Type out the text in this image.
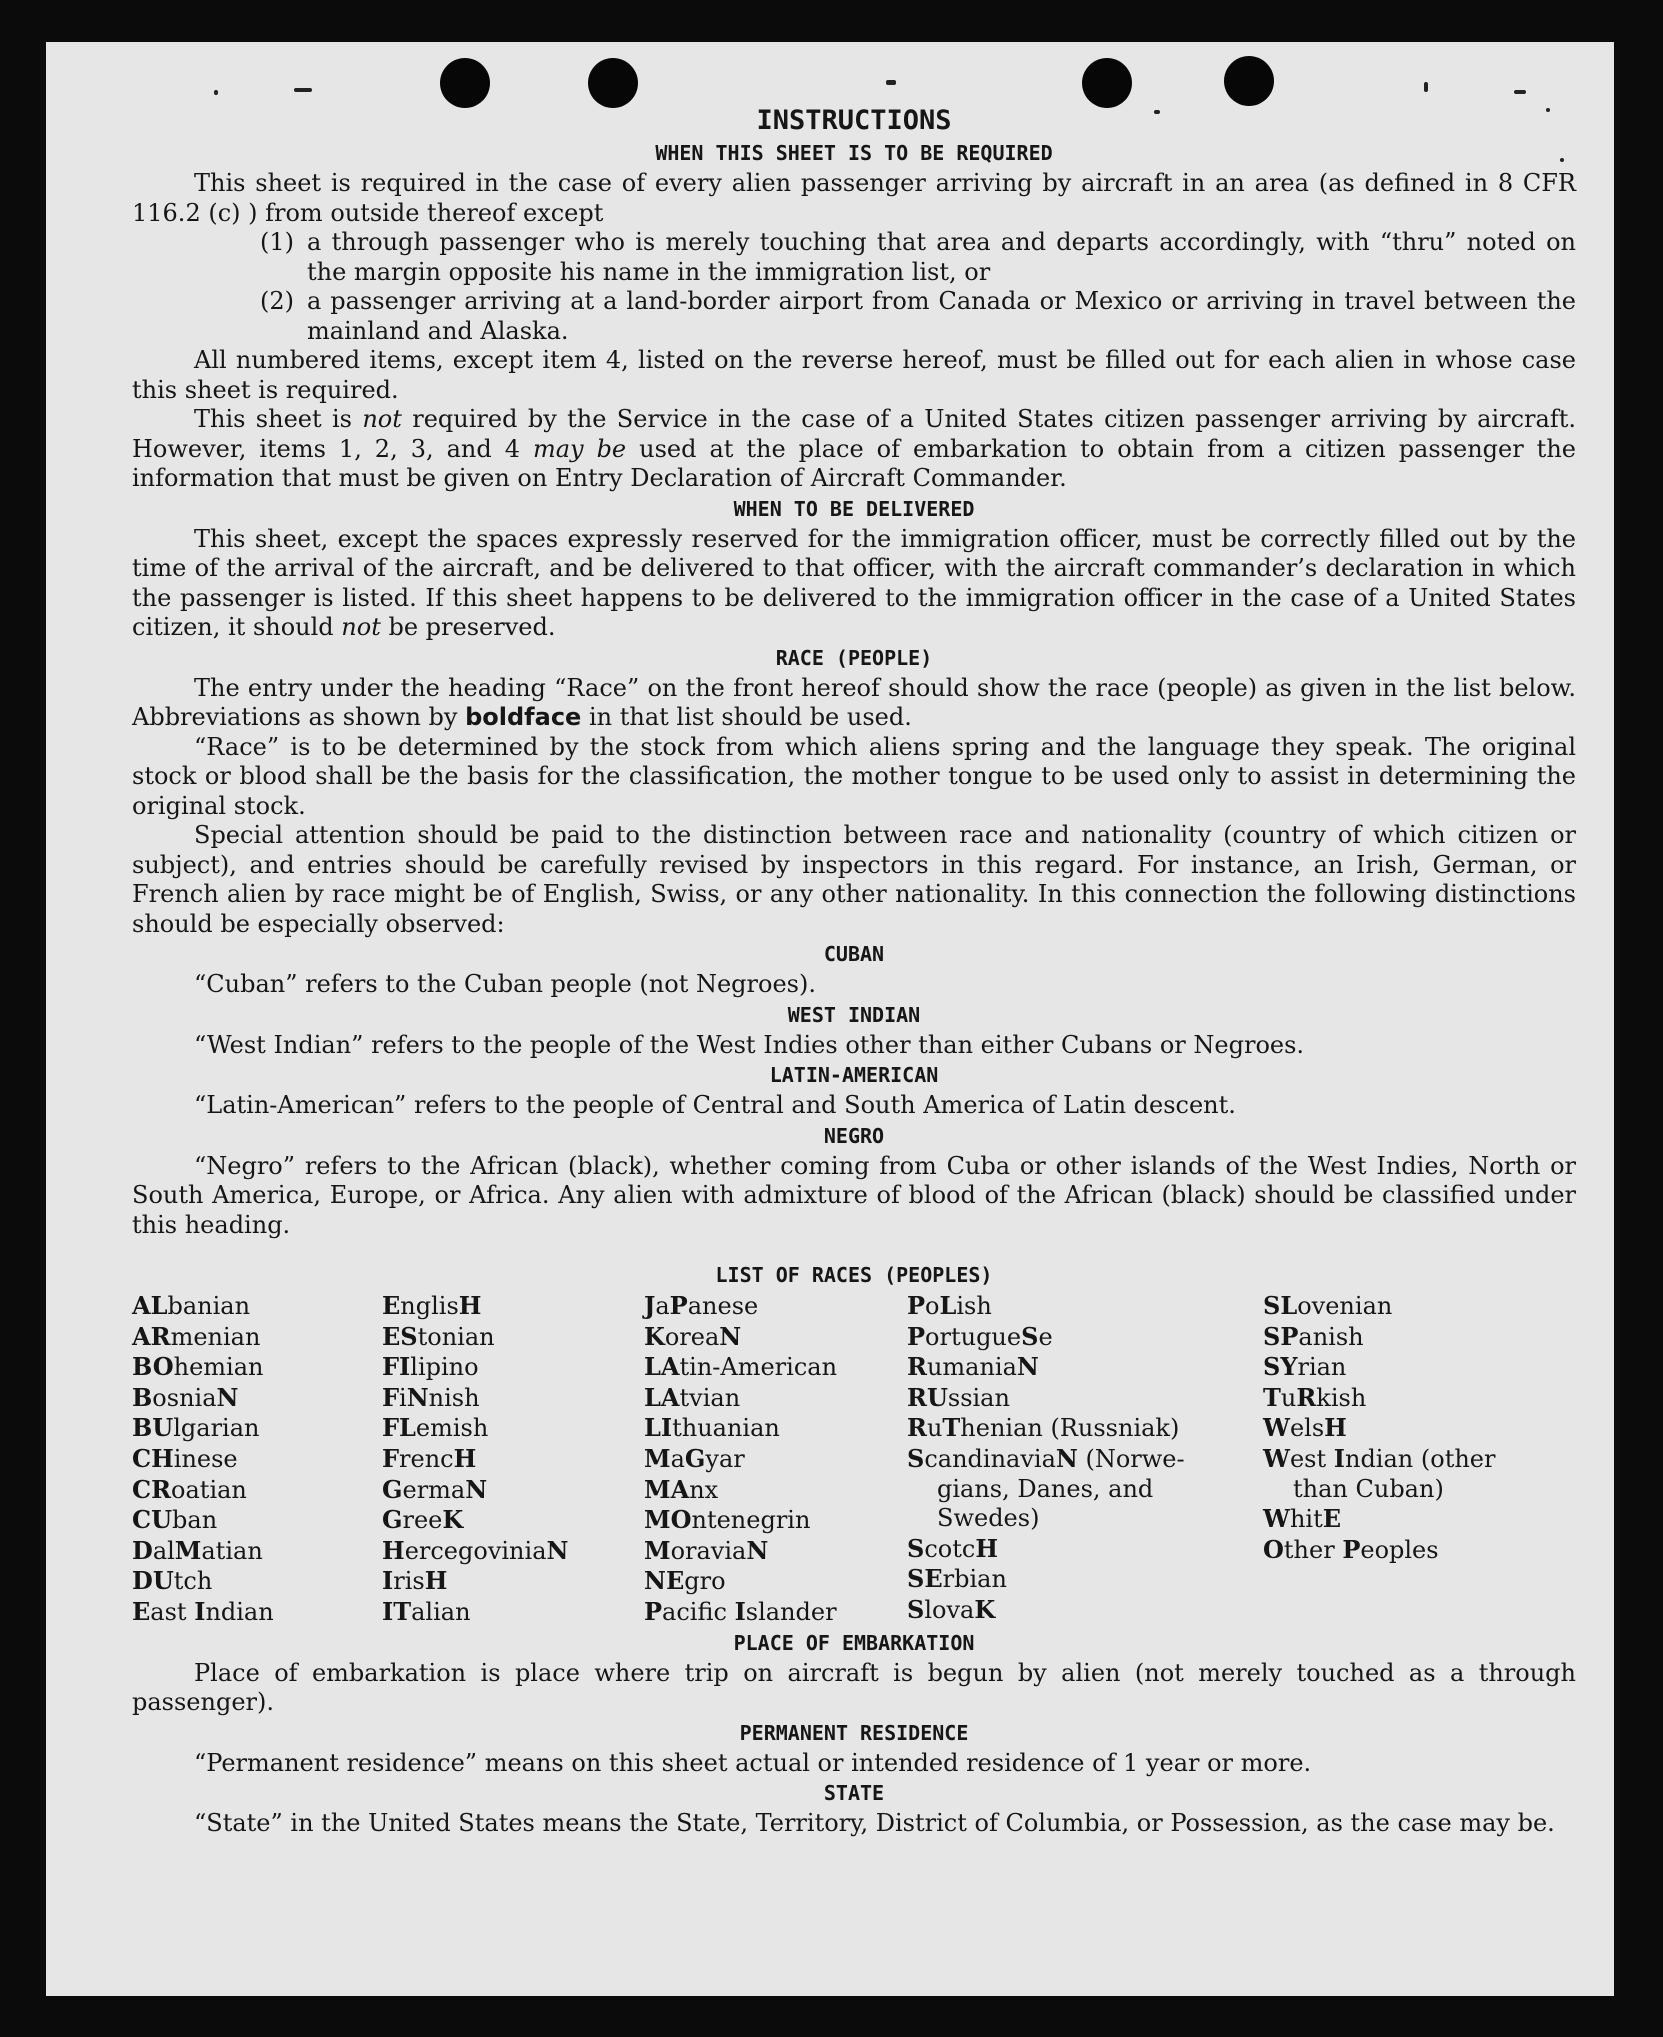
INSTRUCTIONS
WHEN THIS SHEET IS TO BE REQUIRED

This sheet is required in the case of every alien passenger arriving by aircraft in an area (as defined in 8 CFR 116.2 (c) ) from outside thereof except

(1) a through passenger who is merely touching that area and departs accordingly, with “thru” noted on the margin opposite his name in the immigration list, or
(2) a passenger arriving at a land-border airport from Canada or Mexico or arriving in travel between the mainland and Alaska.

All numbered items, except item 4, listed on the reverse hereof, must be filled out for each alien in whose case this sheet is required.

This sheet is not required by the Service in the case of a United States citizen passenger arriving by aircraft. However, items 1, 2, 3, and 4 may be used at the place of embarkation to obtain from a citizen passenger the information that must be given on Entry Declaration of Aircraft Commander.

WHEN TO BE DELIVERED

This sheet, except the spaces expressly reserved for the immigration officer, must be correctly filled out by the time of the arrival of the aircraft, and be delivered to that officer, with the aircraft commander’s declaration in which the passenger is listed. If this sheet happens to be delivered to the immigration officer in the case of a United States citizen, it should not be preserved.

RACE (PEOPLE)

The entry under the heading “Race” on the front hereof should show the race (people) as given in the list below. Abbreviations as shown by boldface in that list should be used.

“Race” is to be determined by the stock from which aliens spring and the language they speak. The original stock or blood shall be the basis for the classification, the mother tongue to be used only to assist in determining the original stock.

Special attention should be paid to the distinction between race and nationality (country of which citizen or subject), and entries should be carefully revised by inspectors in this regard. For instance, an Irish, German, or French alien by race might be of English, Swiss, or any other nationality. In this connection the following distinctions should be especially observed:

CUBAN

“Cuban” refers to the Cuban people (not Negroes).

WEST INDIAN

“West Indian” refers to the people of the West Indies other than either Cubans or Negroes.

LATIN-AMERICAN

“Latin-American” refers to the people of Central and South America of Latin descent.

NEGRO

“Negro” refers to the African (black), whether coming from Cuba or other islands of the West Indies, North or South America, Europe, or Africa. Any alien with admixture of blood of the African (black) should be classified under this heading.

LIST OF RACES (PEOPLES)
ALbanian
ARmenian
BOhemian
BosniaN
BUlgarian
CHinese
CRoatian
CUban
DalMatian
DUtch
East Indian
EnglisH
EStonian
FIlipino
FiNnish
FLemish
FrencH
GermaN
GreeK
HercegoviniaN
IrisH
ITalian
JaPanese
KoreaN
LAtin-American
LAtvian
LIthuanian
MaGyar
MAnx
MOntenegrin
MoraviaN
NEgro
Pacific Islander
PoLish
PortugueSe
RumaniaN
RUssian
RuThenian (Russniak)
ScandinaviaN (Norwe-
gians, Danes, and
Swedes)
ScotcH
SErbian
SlovaK
SLovenian
SPanish
SYrian
TuRkish
WelsH
West Indian (other
than Cuban)
WhitE
Other Peoples
PLACE OF EMBARKATION

Place of embarkation is place where trip on aircraft is begun by alien (not merely touched as a through passenger).

PERMANENT RESIDENCE

“Permanent residence” means on this sheet actual or intended residence of 1 year or more.

STATE

“State” in the United States means the State, Territory, District of Columbia, or Possession, as the case may be.
